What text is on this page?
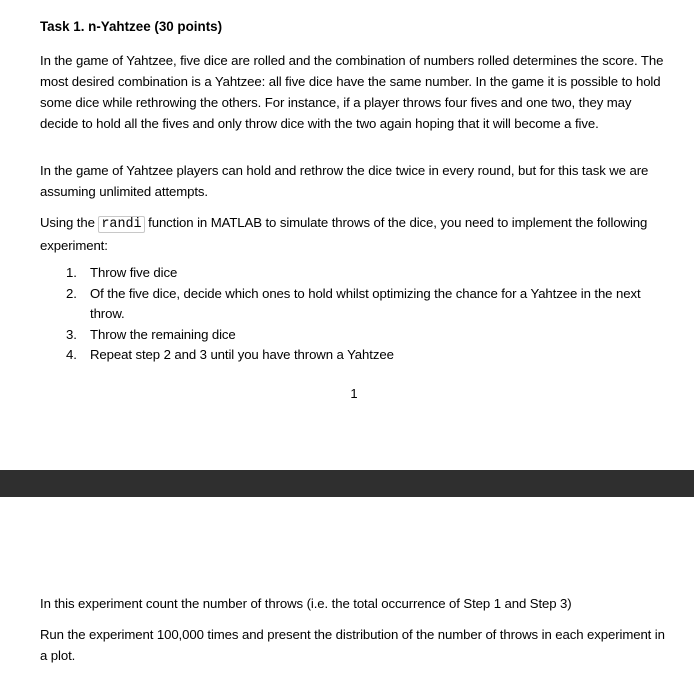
Task 1. n-Yahtzee (30 points)
In the game of Yahtzee, five dice are rolled and the combination of numbers rolled determines the score. The most desired combination is a Yahtzee: all five dice have the same number. In the game it is possible to hold some dice while rethrowing the others. For instance, if a player throws four fives and one two, they may decide to hold all the fives and only throw dice with the two again hoping that it will become a five.
In the game of Yahtzee players can hold and rethrow the dice twice in every round, but for this task we are assuming unlimited attempts.
Using the randi function in MATLAB to simulate throws of the dice, you need to implement the following experiment:
1. Throw five dice
2. Of the five dice, decide which ones to hold whilst optimizing the chance for a Yahtzee in the next throw.
3. Throw the remaining dice
4. Repeat step 2 and 3 until you have thrown a Yahtzee
1
In this experiment count the number of throws (i.e. the total occurrence of Step 1 and Step 3)
Run the experiment 100,000 times and present the distribution of the number of throws in each experiment in a plot.
